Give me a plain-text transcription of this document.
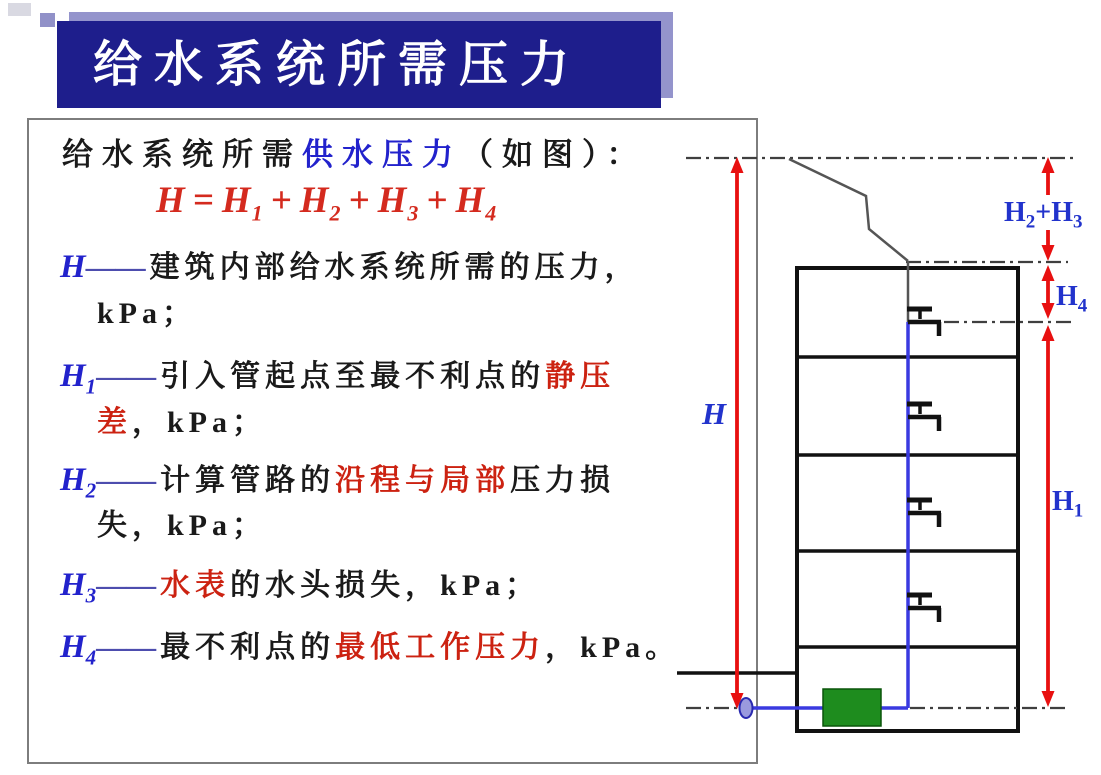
给水系统所需压力
给水系统所需供水压力（如图）：
$H = H_1 + H_2 + H_3 + H_4$
H—— 建筑内部给水系统所需的压力，
kPa；
$H_1——$ 引入管起点至最不利点的静压
差，kPa；
$H_2——$ 计算管路的沿程与局部压力损
失，kPa；
$H_3——$ 水表的水头损失，kPa；
$H_4——$ 最不利点的最低工作压力，kPa。
H
$H_2+H_3$
$H_4$
$H_1$
